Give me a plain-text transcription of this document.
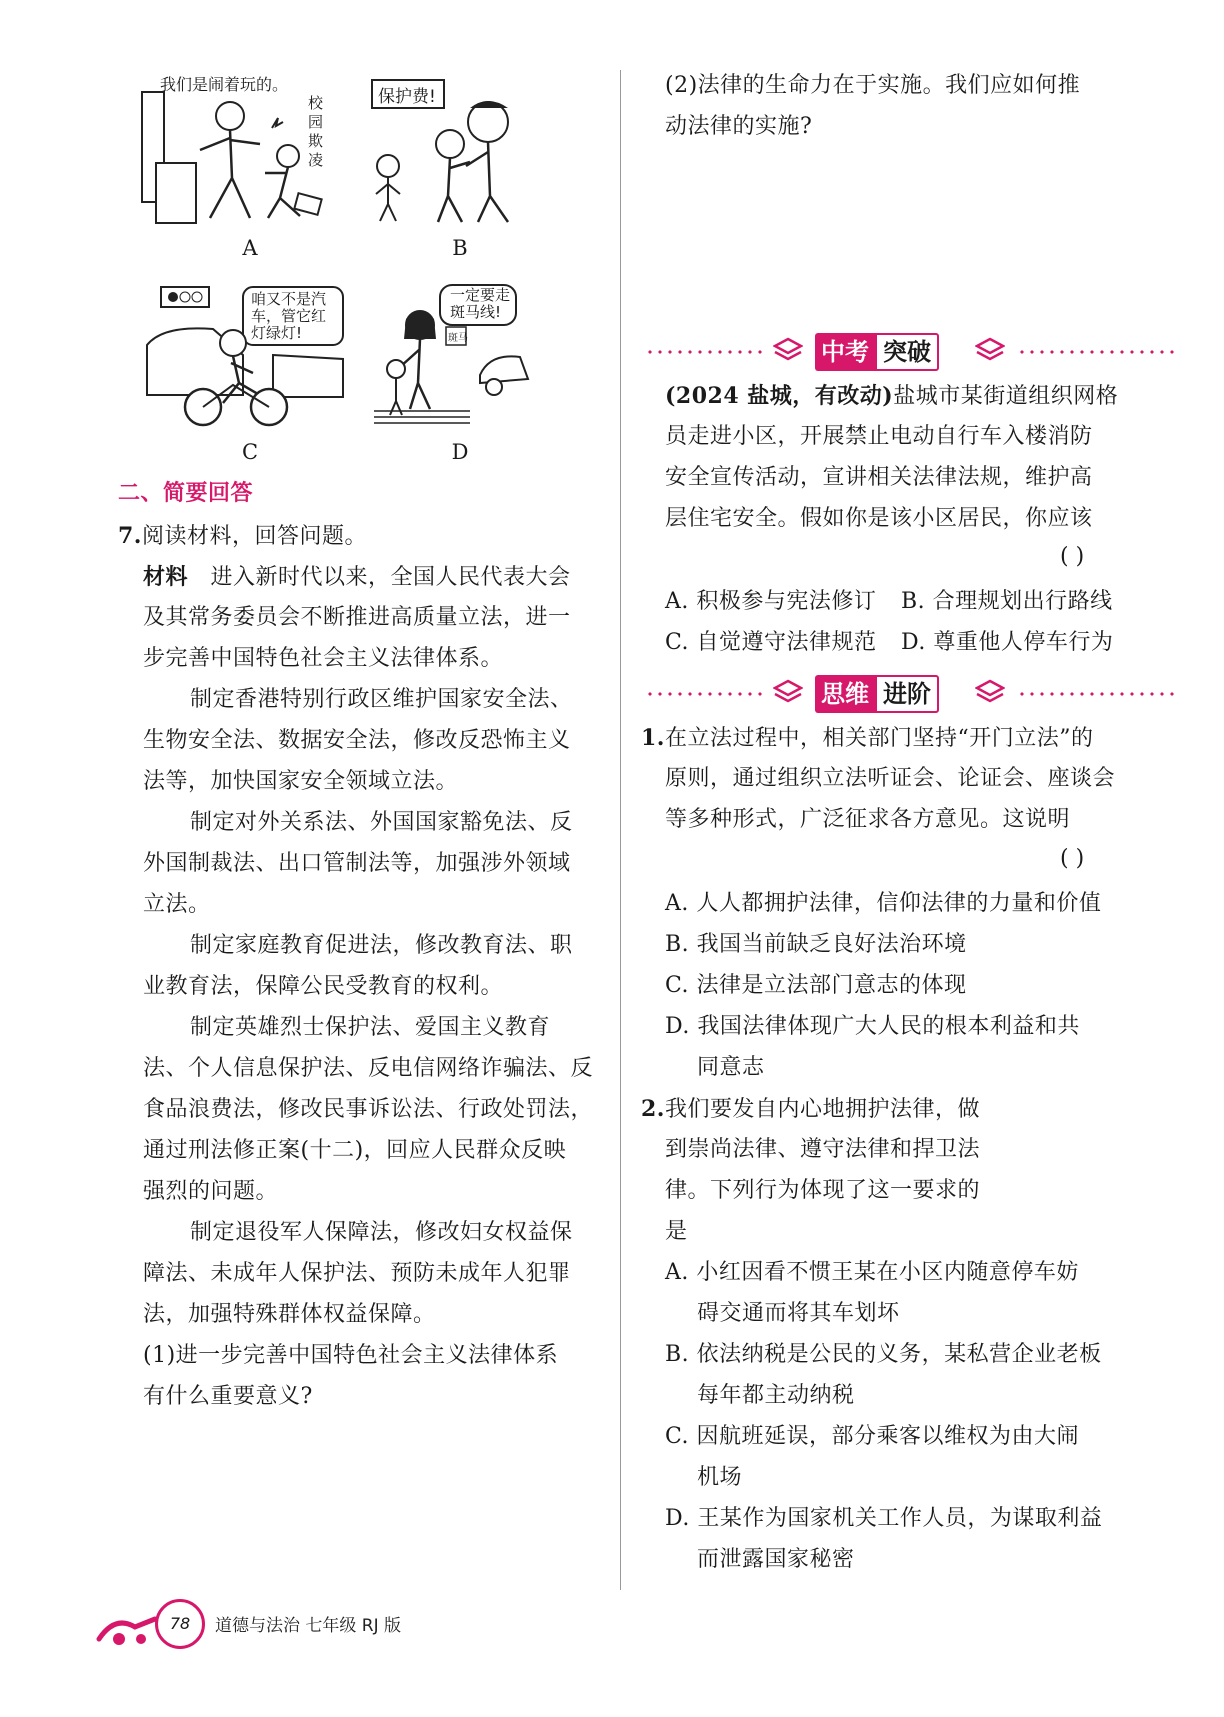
我们是闹着玩的。
校园
欺凌
A
保护费!
B
咱又不是汽
车，管它红
灯绿灯!
C
一定要走
斑马线!
斑马
D
二、简要回答
7.阅读材料，回答问题。
材料  进入新时代以来，全国人民代表大会
及其常务委员会不断推进高质量立法，进一
步完善中国特色社会主义法律体系。
制定香港特别行政区维护国家安全法、
生物安全法、数据安全法，修改反恐怖主义
法等，加快国家安全领域立法。
制定对外关系法、外国国家豁免法、反
外国制裁法、出口管制法等，加强涉外领域
立法。
制定家庭教育促进法，修改教育法、职
业教育法，保障公民受教育的权利。
制定英雄烈士保护法、爱国主义教育
法、个人信息保护法、反电信网络诈骗法、反
食品浪费法，修改民事诉讼法、行政处罚法，
通过刑法修正案(十二)，回应人民群众反映
强烈的问题。
制定退役军人保障法，修改妇女权益保
障法、未成年人保护法、预防未成年人犯罪
法，加强特殊群体权益保障。
(1)进一步完善中国特色社会主义法律体系
有什么重要意义?
(2)法律的生命力在于实施。我们应如何推
动法律的实施?
中考 突破
(2024 盐城，有改动)盐城市某街道组织网格
员走进小区，开展禁止电动自行车入楼消防
安全宣传活动，宣讲相关法律法规，维护高
层住宅安全。假如你是该小区居民，你应该
( )
A. 积极参与宪法修订 B. 合理规划出行路线
C. 自觉遵守法律规范 D. 尊重他人停车行为
思维 进阶
1.在立法过程中，相关部门坚持“开门立法”的
原则，通过组织立法听证会、论证会、座谈会
等多种形式，广泛征求各方意见。这说明
( )
A. 人人都拥护法律，信仰法律的力量和价值
B. 我国当前缺乏良好法治环境
C. 法律是立法部门意志的体现
D. 我国法律体现广大人民的根本利益和共
同意志
2.我们要发自内心地拥护法律，做
到崇尚法律、遵守法律和捍卫法
律。下列行为体现了这一要求的
是
A. 小红因看不惯王某在小区内随意停车妨
碍交通而将其车划坏
B. 依法纳税是公民的义务，某私营企业老板
每年都主动纳税
C. 因航班延误，部分乘客以维权为由大闹
机场
D. 王某作为国家机关工作人员，为谋取利益
而泄露国家秘密
78	道德与法治 七年级 RJ 版
